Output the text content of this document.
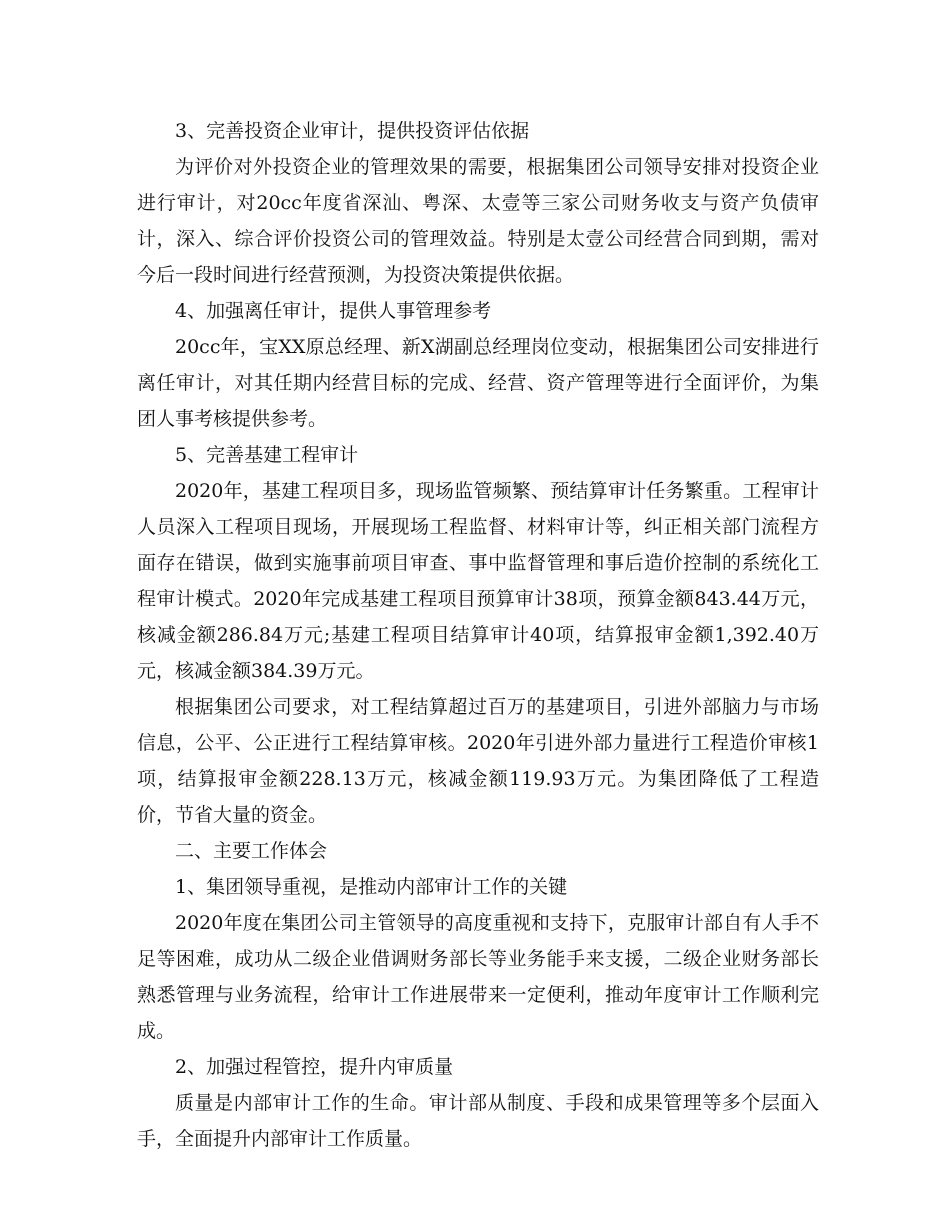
3、完善投资企业审计，提供投资评估依据

为评价对外投资企业的管理效果的需要，根据集团公司领导安排对投资企业进行审计，对20cc年度省深汕、粤深、太壹等三家公司财务收支与资产负债审计，深入、综合评价投资公司的管理效益。特别是太壹公司经营合同到期，需对今后一段时间进行经营预测，为投资决策提供依据。

4、加强离任审计，提供人事管理参考

20cc年，宝XX原总经理、新X湖副总经理岗位变动，根据集团公司安排进行离任审计，对其任期内经营目标的完成、经营、资产管理等进行全面评价，为集团人事考核提供参考。

5、完善基建工程审计

2020年，基建工程项目多，现场监管频繁、预结算审计任务繁重。工程审计人员深入工程项目现场，开展现场工程监督、材料审计等，纠正相关部门流程方面存在错误，做到实施事前项目审查、事中监督管理和事后造价控制的系统化工程审计模式。2020年完成基建工程项目预算审计38项，预算金额843.44万元，核减金额286.84万元;基建工程项目结算审计40项，结算报审金额1,392.40万元，核减金额384.39万元。

根据集团公司要求，对工程结算超过百万的基建项目，引进外部脑力与市场信息，公平、公正进行工程结算审核。2020年引进外部力量进行工程造价审核1项，结算报审金额228.13万元，核减金额119.93万元。为集团降低了工程造价，节省大量的资金。

二、主要工作体会

1、集团领导重视，是推动内部审计工作的关键

2020年度在集团公司主管领导的高度重视和支持下，克服审计部自有人手不足等困难，成功从二级企业借调财务部长等业务能手来支援，二级企业财务部长熟悉管理与业务流程，给审计工作进展带来一定便利，推动年度审计工作顺利完成。

2、加强过程管控，提升内审质量

质量是内部审计工作的生命。审计部从制度、手段和成果管理等多个层面入手，全面提升内部审计工作质量。
